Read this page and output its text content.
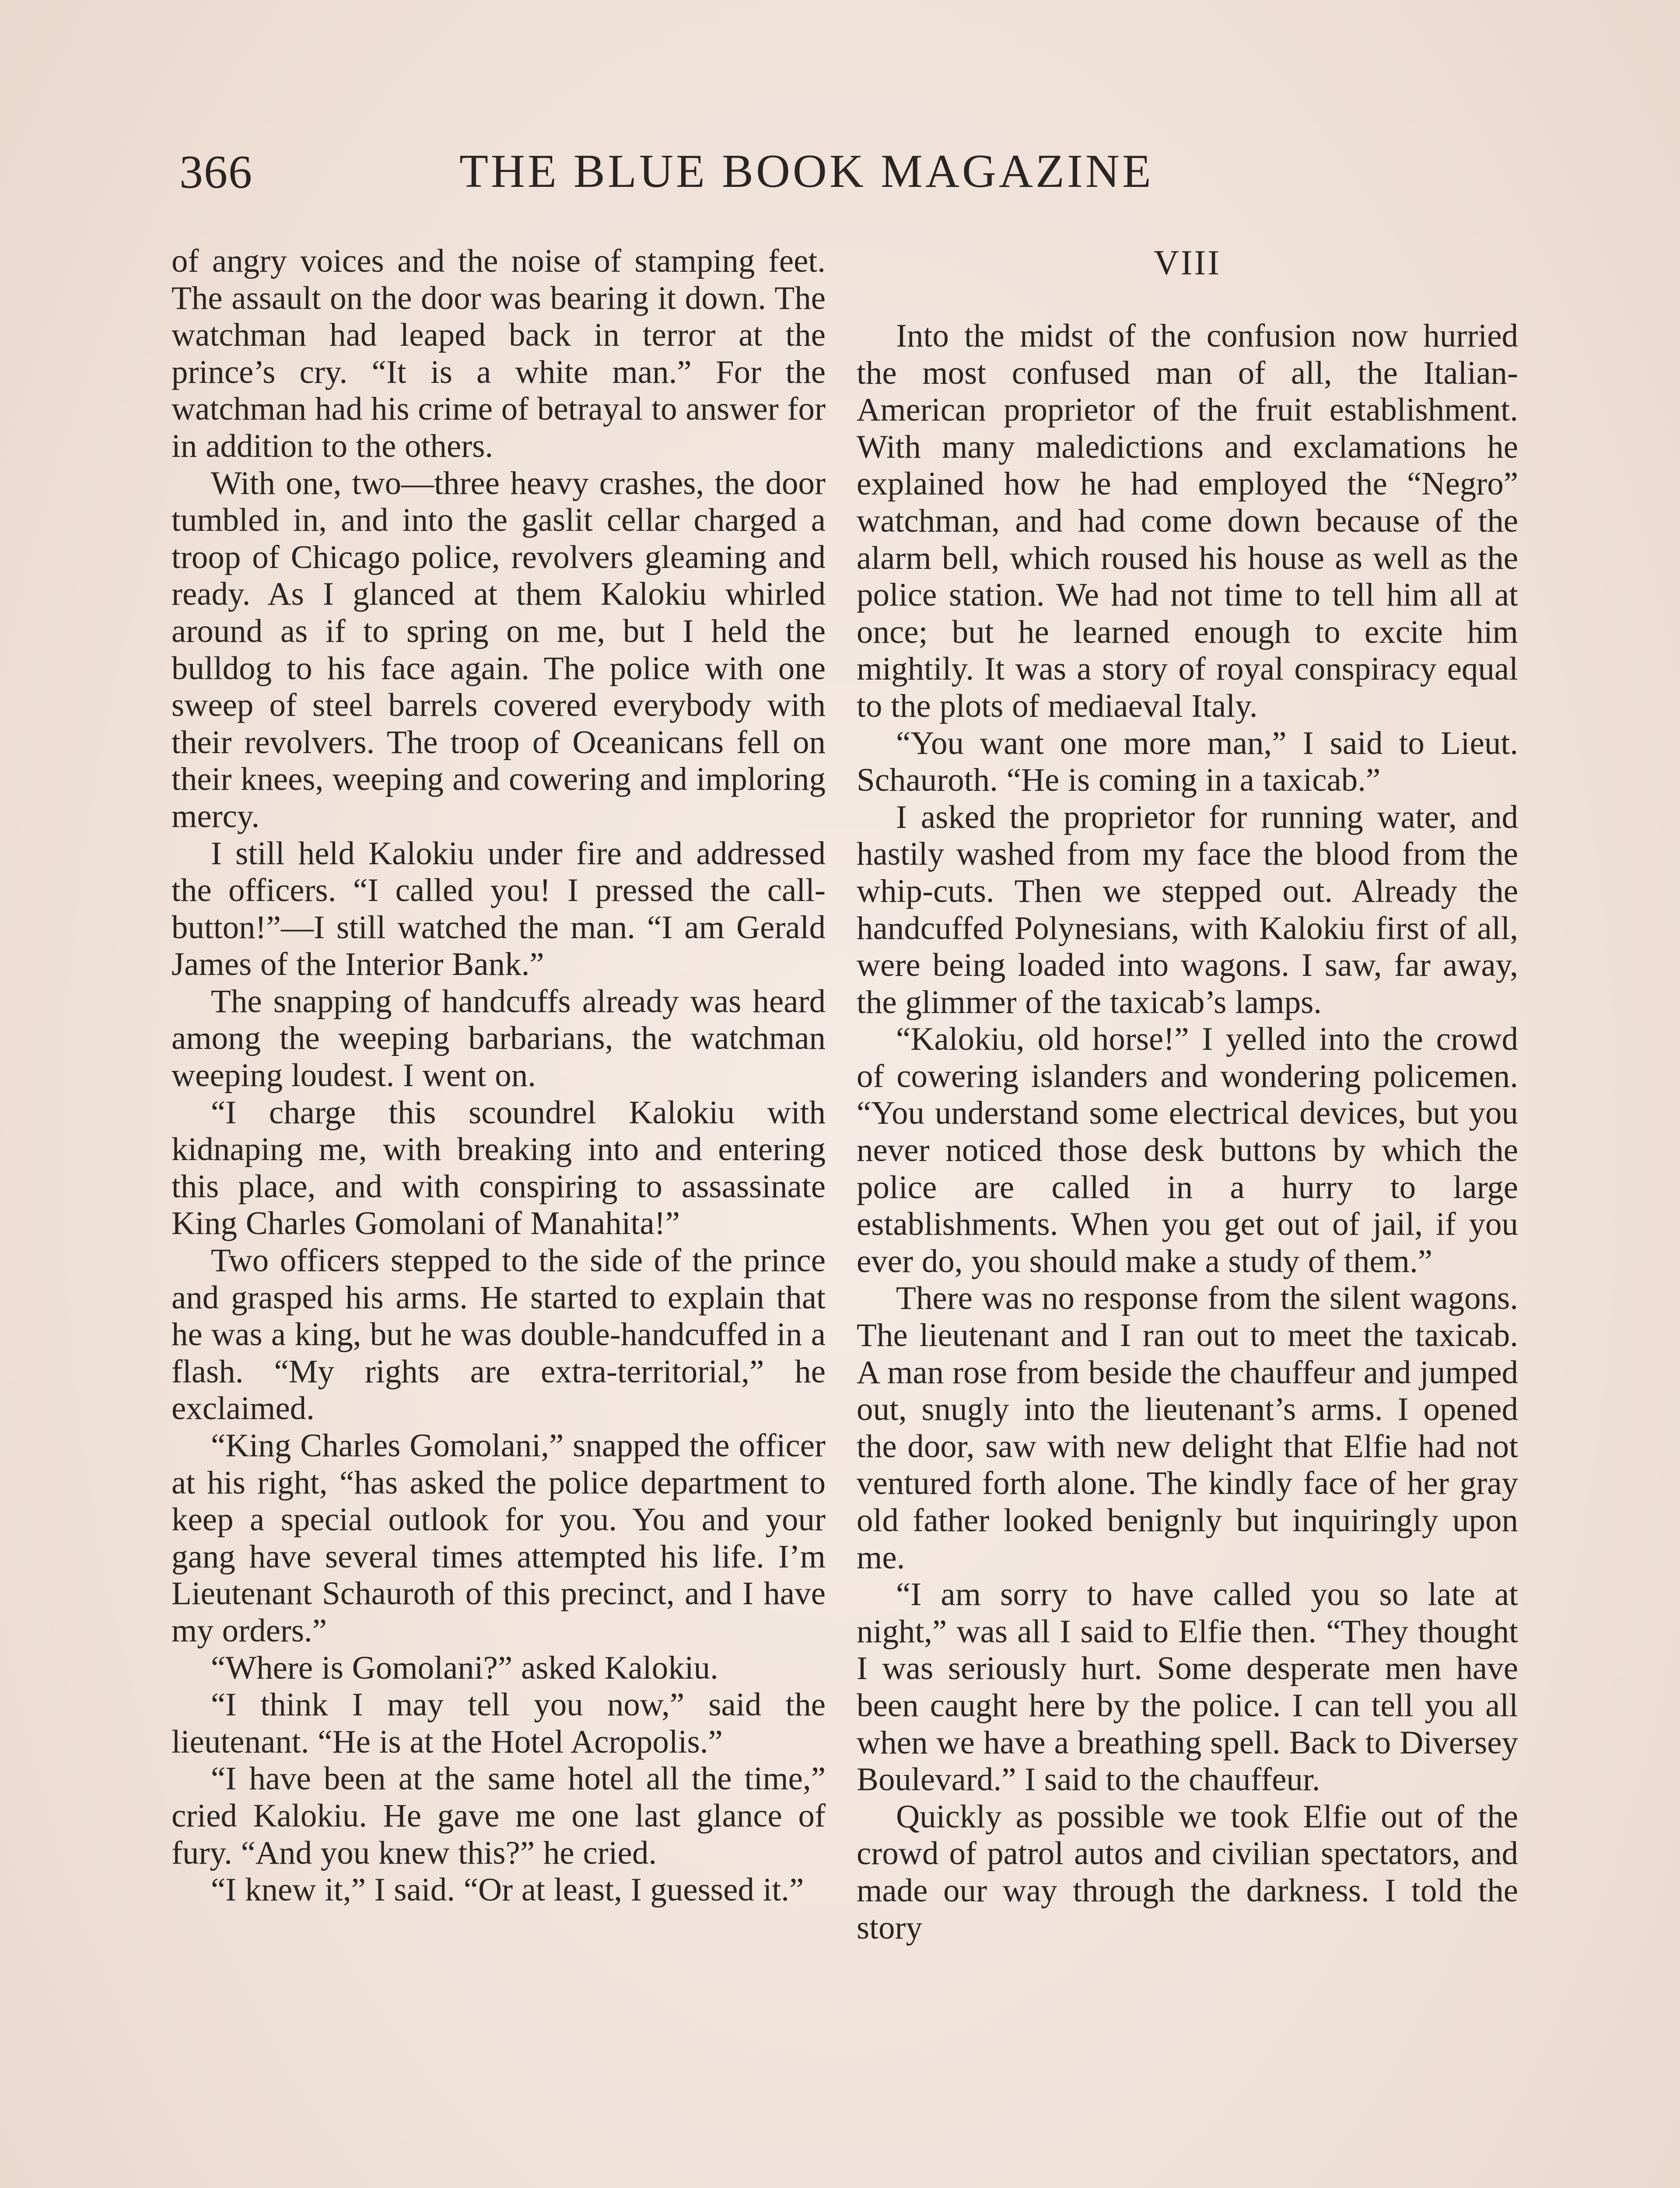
366	THE BLUE BOOK MAGAZINE

of angry voices and the noise of stamping feet. The assault on the door was bearing it down. The watchman had leaped back in terror at the prince’s cry. “It is a white man.” For the watchman had his crime of betrayal to answer for in addition to the others.

With one, two—three heavy crashes, the door tumbled in, and into the gaslit cellar charged a troop of Chicago police, revolvers gleaming and ready. As I glanced at them Kalokiu whirled around as if to spring on me, but I held the bulldog to his face again. The police with one sweep of steel barrels covered everybody with their revolvers. The troop of Oceanicans fell on their knees, weeping and cowering and imploring mercy.

I still held Kalokiu under fire and addressed the officers. “I called you! I pressed the call-button!”—I still watched the man. “I am Gerald James of the Interior Bank.”

The snapping of handcuffs already was heard among the weeping barbarians, the watchman weeping loudest. I went on.

“I charge this scoundrel Kalokiu with kidnaping me, with breaking into and entering this place, and with conspiring to assassinate King Charles Gomolani of Manahita!”

Two officers stepped to the side of the prince and grasped his arms. He started to explain that he was a king, but he was double-handcuffed in a flash. “My rights are extra-territorial,” he exclaimed.

“King Charles Gomolani,” snapped the officer at his right, “has asked the police department to keep a special outlook for you. You and your gang have several times attempted his life. I’m Lieutenant Schauroth of this precinct, and I have my orders.”

“Where is Gomolani?” asked Kalokiu.

“I think I may tell you now,” said the lieutenant. “He is at the Hotel Acropolis.”

“I have been at the same hotel all the time,” cried Kalokiu. He gave me one last glance of fury. “And you knew this?” he cried.

“I knew it,” I said. “Or at least, I guessed it.”

VIII

Into the midst of the confusion now hurried the most confused man of all, the Italian-American proprietor of the fruit establishment. With many maledictions and exclamations he explained how he had employed the “Negro” watchman, and had come down because of the alarm bell, which roused his house as well as the police station. We had not time to tell him all at once; but he learned enough to excite him mightily. It was a story of royal conspiracy equal to the plots of mediaeval Italy.

“You want one more man,” I said to Lieut. Schauroth. “He is coming in a taxicab.”

I asked the proprietor for running water, and hastily washed from my face the blood from the whip-cuts. Then we stepped out. Already the handcuffed Polynesians, with Kalokiu first of all, were being loaded into wagons. I saw, far away, the glimmer of the taxicab’s lamps.

“Kalokiu, old horse!” I yelled into the crowd of cowering islanders and wondering policemen. “You understand some electrical devices, but you never noticed those desk buttons by which the police are called in a hurry to large establishments. When you get out of jail, if you ever do, you should make a study of them.”

There was no response from the silent wagons. The lieutenant and I ran out to meet the taxicab. A man rose from beside the chauffeur and jumped out, snugly into the lieutenant’s arms. I opened the door, saw with new delight that Elfie had not ventured forth alone. The kindly face of her gray old father looked benignly but inquiringly upon me.

“I am sorry to have called you so late at night,” was all I said to Elfie then. “They thought I was seriously hurt. Some desperate men have been caught here by the police. I can tell you all when we have a breathing spell. Back to Diversey Boulevard.” I said to the chauffeur.

Quickly as possible we took Elfie out of the crowd of patrol autos and civilian spectators, and made our way through the darkness. I told the story
